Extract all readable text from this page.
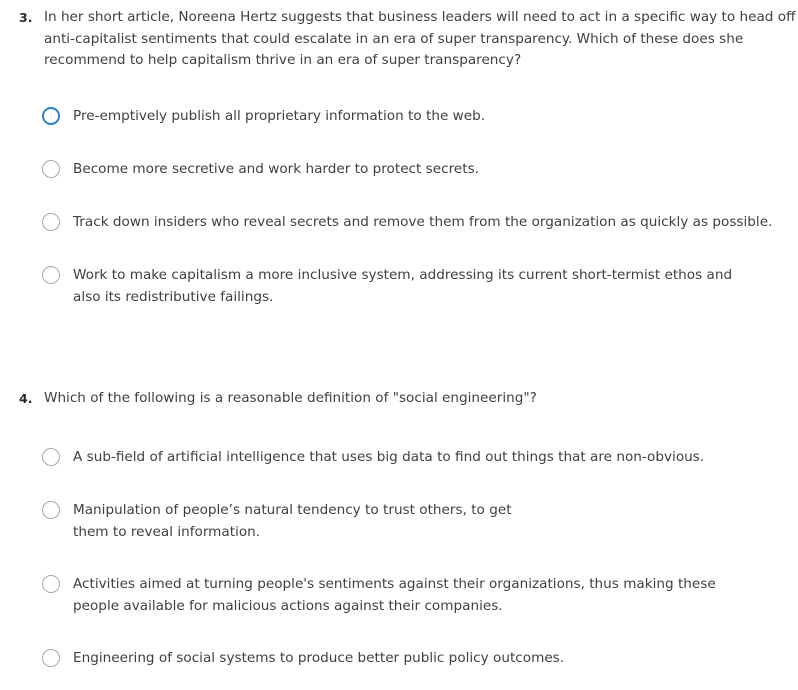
3. In her short article, Noreena Hertz suggests that business leaders will need to act in a specific way to head off anti-capitalist sentiments that could escalate in an era of super transparency. Which of these does she recommend to help capitalism thrive in an era of super transparency?
Pre-emptively publish all proprietary information to the web.
Become more secretive and work harder to protect secrets.
Track down insiders who reveal secrets and remove them from the organization as quickly as possible.
Work to make capitalism a more inclusive system, addressing its current short-termist ethos and also its redistributive failings.
4. Which of the following is a reasonable definition of "social engineering"?
A sub-field of artificial intelligence that uses big data to find out things that are non-obvious.
Manipulation of people’s natural tendency to trust others, to get them to reveal information.
Activities aimed at turning people's sentiments against their organizations, thus making these people available for malicious actions against their companies.
Engineering of social systems to produce better public policy outcomes.
